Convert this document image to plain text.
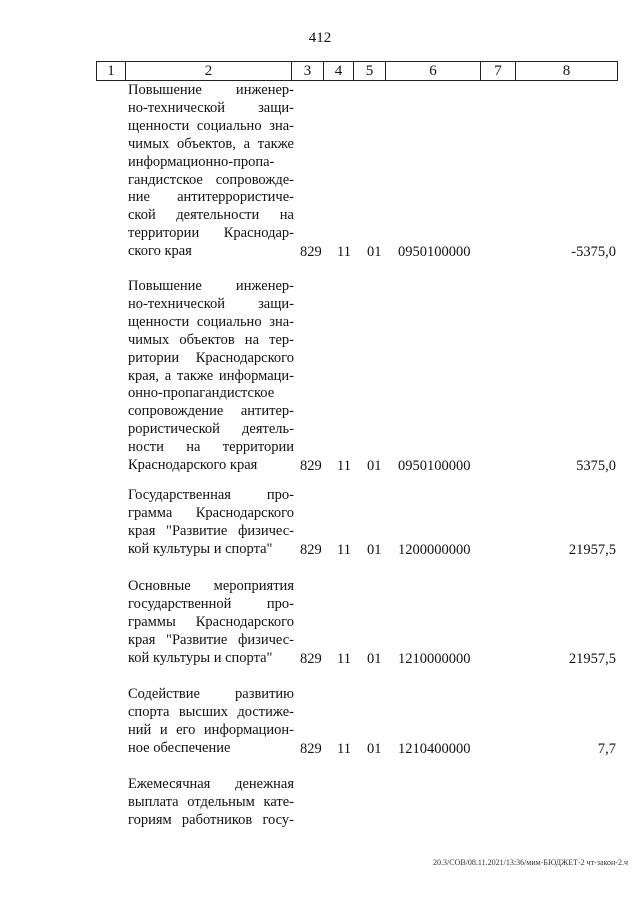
412
1	2	3	4	5	6	7	8
Повышение инженер-
но-технической защи-
щенности социально зна-
чимых объектов, а также
информационно-пропа-
гандистское сопровожде-
ние антитеррористиче-
ской деятельности на
территории Краснодар-
ского края	829 11 01 0950100000	-5375,0
Повышение инженер-
но-технической защи-
щенности социально зна-
чимых объектов на тер-
ритории Краснодарского
края, а также информаци-
онно-пропагандистское
сопровождение антитер-
рористической деятель-
ности на территории
Краснодарского края	829 11 01 0950100000	5375,0
Государственная про-
грамма Краснодарского
края "Развитие физичес-
кой культуры и спорта"	829 11 01 1200000000	21957,5
Основные мероприятия
государственной про-
граммы Краснодарского
края "Развитие физичес-
кой культуры и спорта"	829 11 01 1210000000	21957,5
Содействие развитию
спорта высших достиже-
ний и его информацион-
ное обеспечение	829 11 01 1210400000	7,7
Ежемесячная денежная
выплата отдельным кате-
гориям работников госу-
20.3/СОВ/08.11.2021/13:36/мим-БЮДЖЕТ-2 чт-закон-2.ч
